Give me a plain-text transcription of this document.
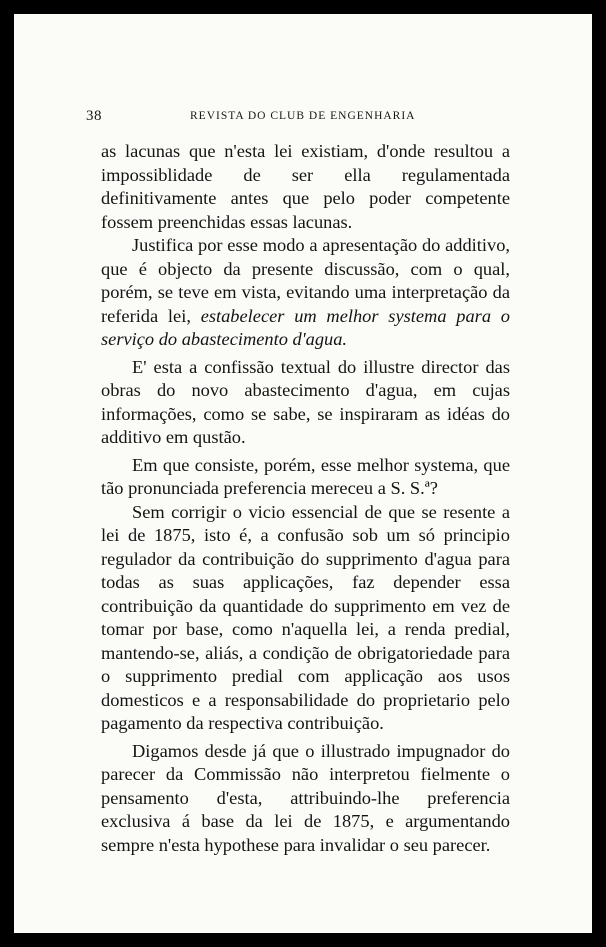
38	REVISTA DO CLUB DE ENGENHARIA

as lacunas que n'esta lei existiam, d'onde resultou a impossiblidade de ser ella regulamentada definitivamente antes que pelo poder competente fossem preenchidas essas lacunas.

Justifica por esse modo a apresentação do additivo, que é objecto da presente discussão, com o qual, porém, se teve em vista, evitando uma interpretação da referida lei, estabelecer um melhor systema para o serviço do abastecimento d'agua.

E' esta a confissão textual do illustre director das obras do novo abastecimento d'agua, em cujas informações, como se sabe, se inspiraram as idéas do additivo em qustão.

Em que consiste, porém, esse melhor systema, que tão pronunciada preferencia mereceu a S. S.ª?

Sem corrigir o vicio essencial de que se resente a lei de 1875, isto é, a confusão sob um só principio regulador da contribuição do supprimento d'agua para todas as suas applicações, faz depender essa contribuição da quantidade do supprimento em vez de tomar por base, como n'aquella lei, a renda predial, mantendo-se, aliás, a condição de obrigatoriedade para o supprimento predial com applicação aos usos domesticos e a responsabilidade do proprietario pelo pagamento da respectiva contribuição.

Digamos desde já que o illustrado impugnador do parecer da Commissão não interpretou fielmente o pensamento d'esta, attribuindo-lhe preferencia exclusiva á base da lei de 1875, e argumentando sempre n'esta hypothese para invalidar o seu parecer.
